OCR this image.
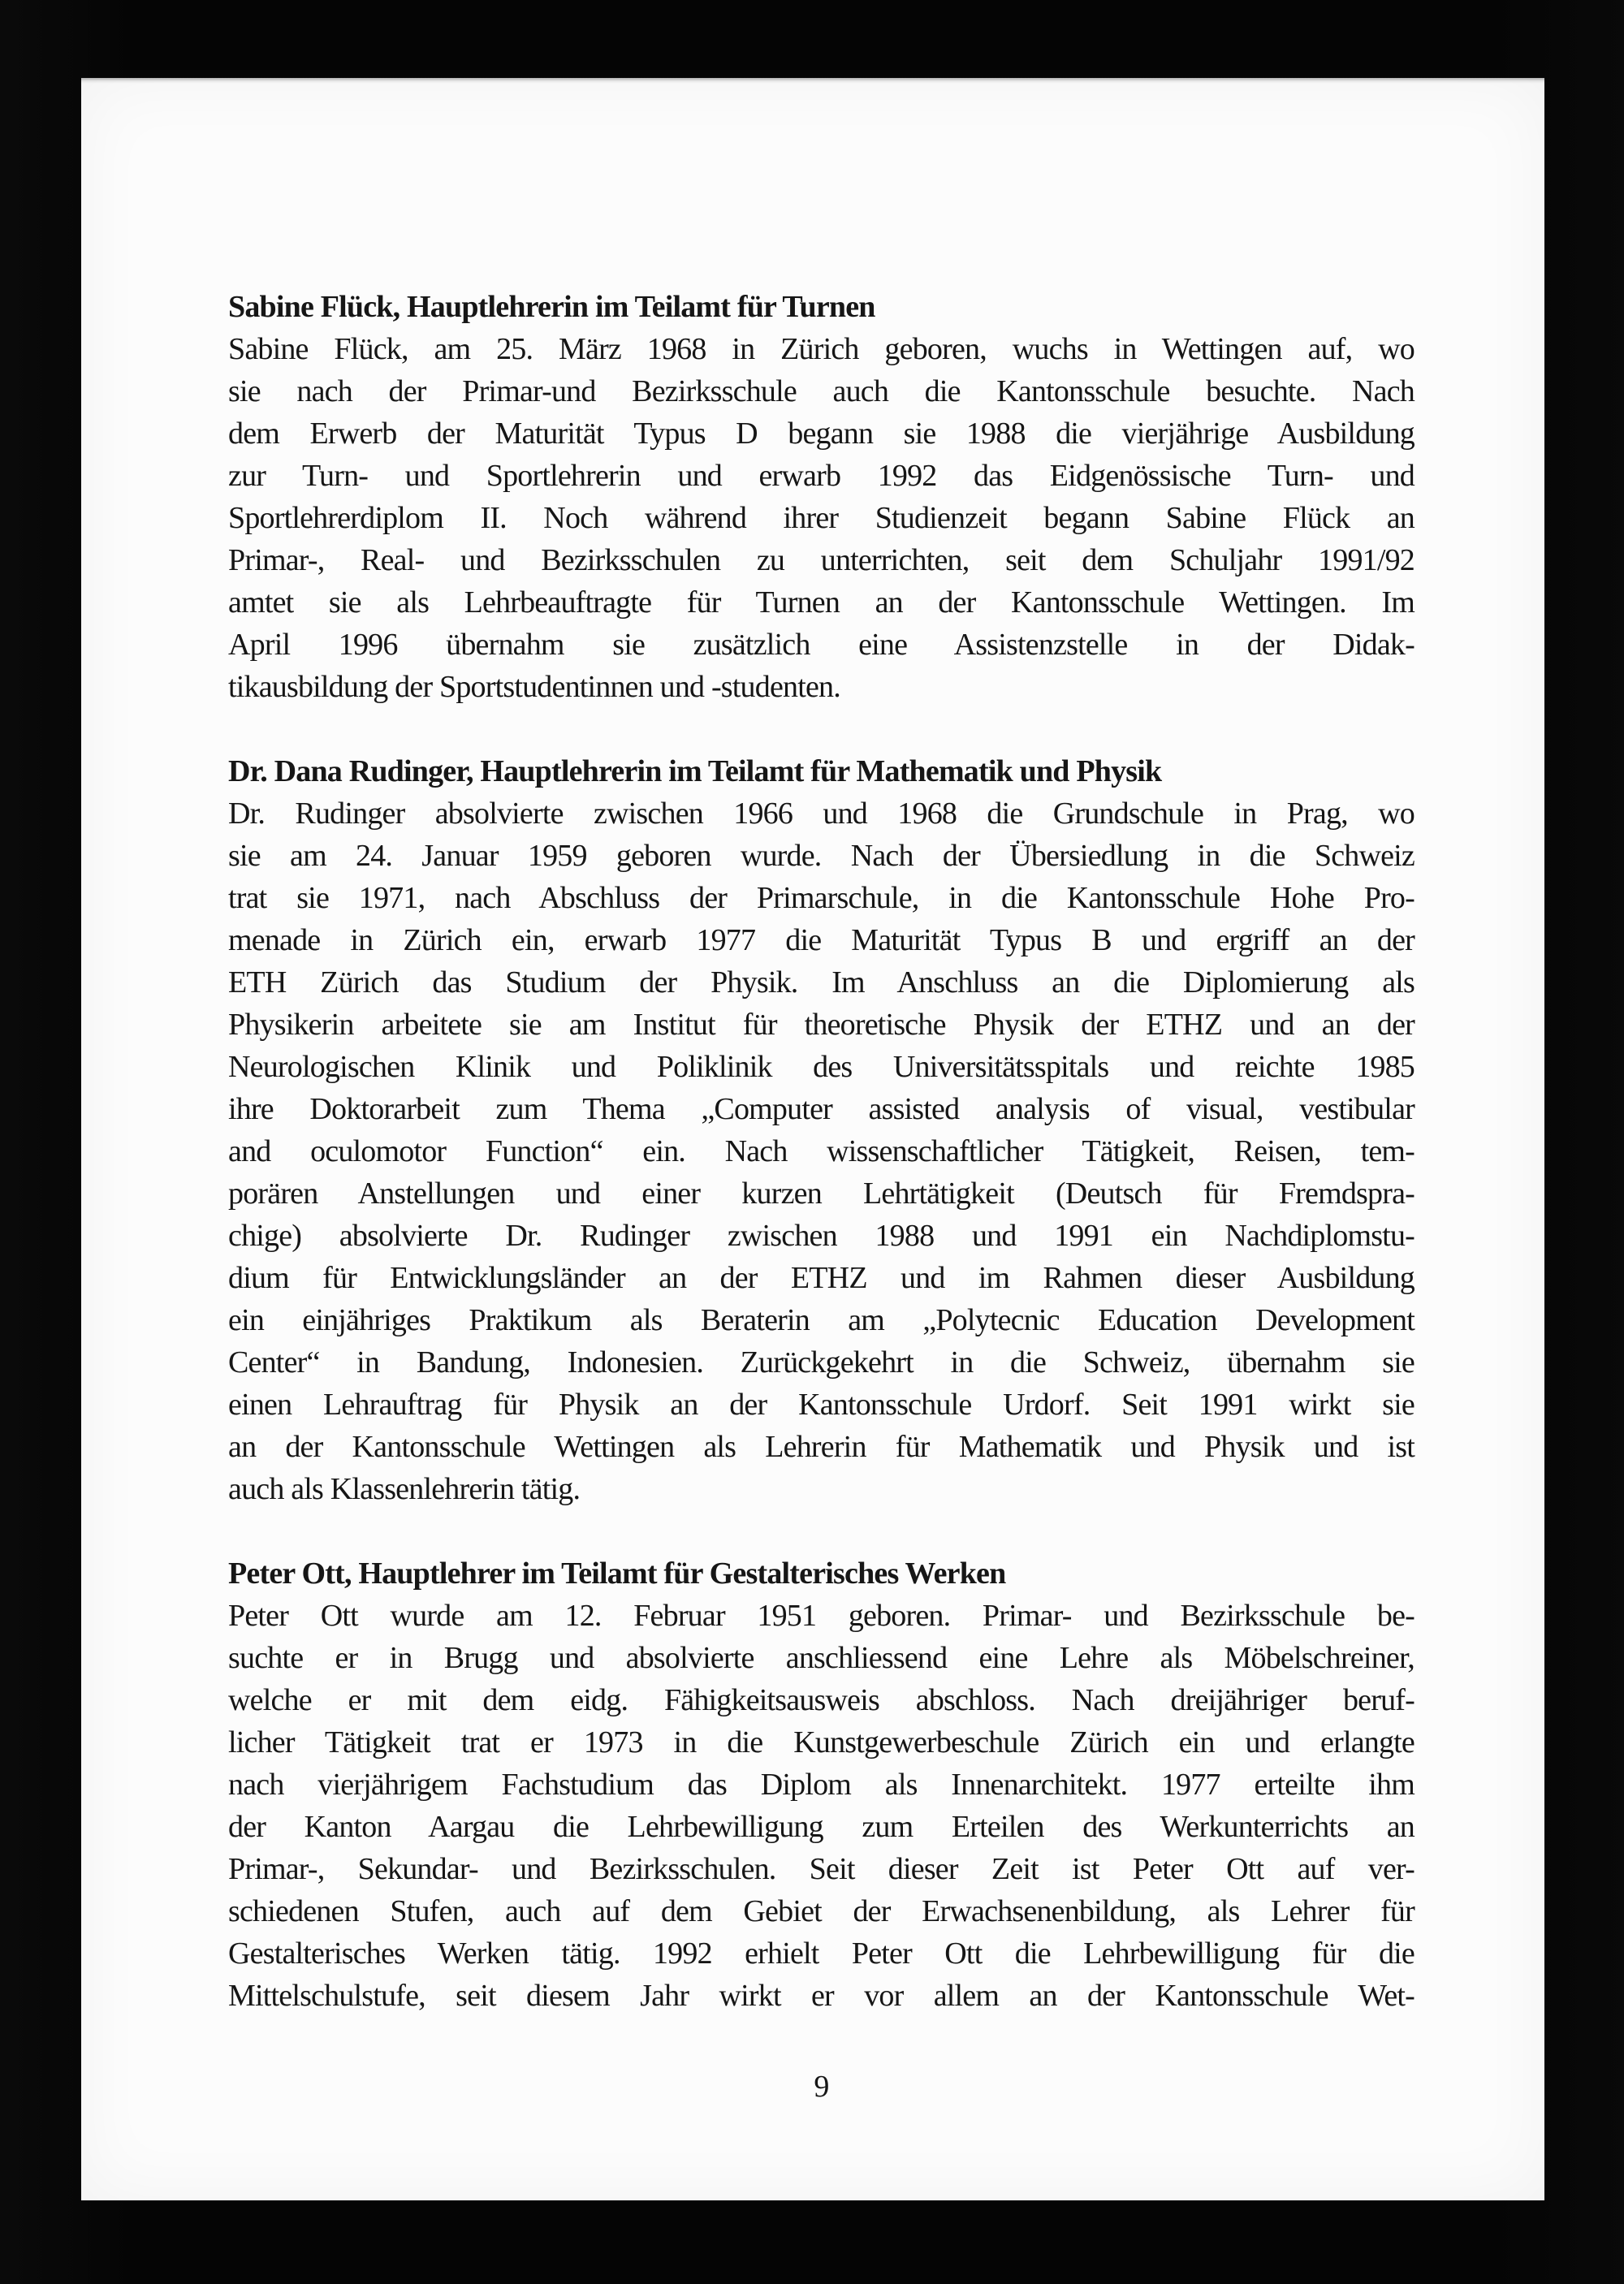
Sabine Flück, Hauptlehrerin im Teilamt für Turnen
Sabine Flück, am 25. März 1968 in Zürich geboren, wuchs in Wettingen auf, wo
sie nach der Primar-und Bezirksschule auch die Kantonsschule besuchte. Nach
dem Erwerb der Maturität Typus D begann sie 1988 die vierjährige Ausbildung
zur Turn- und Sportlehrerin und erwarb 1992 das Eidgenössische Turn- und
Sportlehrerdiplom II. Noch während ihrer Studienzeit begann Sabine Flück an
Primar-, Real- und Bezirksschulen zu unterrichten, seit dem Schuljahr 1991/92
amtet sie als Lehrbeauftragte für Turnen an der Kantonsschule Wettingen. Im
April 1996 übernahm sie zusätzlich eine Assistenzstelle in der Didak-
tikausbildung der Sportstudentinnen und -studenten.
Dr. Dana Rudinger, Hauptlehrerin im Teilamt für Mathematik und Physik
Dr. Rudinger absolvierte zwischen 1966 und 1968 die Grundschule in Prag, wo
sie am 24. Januar 1959 geboren wurde. Nach der Übersiedlung in die Schweiz
trat sie 1971, nach Abschluss der Primarschule, in die Kantonsschule Hohe Pro-
menade in Zürich ein, erwarb 1977 die Maturität Typus B und ergriff an der
ETH Zürich das Studium der Physik. Im Anschluss an die Diplomierung als
Physikerin arbeitete sie am Institut für theoretische Physik der ETHZ und an der
Neurologischen Klinik und Poliklinik des Universitätsspitals und reichte 1985
ihre Doktorarbeit zum Thema „Computer assisted analysis of visual, vestibular
and oculomotor Function“ ein. Nach wissenschaftlicher Tätigkeit, Reisen, tem-
porären Anstellungen und einer kurzen Lehrtätigkeit (Deutsch für Fremdspra-
chige) absolvierte Dr. Rudinger zwischen 1988 und 1991 ein Nachdiplomstu-
dium für Entwicklungsländer an der ETHZ und im Rahmen dieser Ausbildung
ein einjähriges Praktikum als Beraterin am „Polytecnic Education Development
Center“ in Bandung, Indonesien. Zurückgekehrt in die Schweiz, übernahm sie
einen Lehrauftrag für Physik an der Kantonsschule Urdorf. Seit 1991 wirkt sie
an der Kantonsschule Wettingen als Lehrerin für Mathematik und Physik und ist
auch als Klassenlehrerin tätig.
Peter Ott, Hauptlehrer im Teilamt für Gestalterisches Werken
Peter Ott wurde am 12. Februar 1951 geboren. Primar- und Bezirksschule be-
suchte er in Brugg und absolvierte anschliessend eine Lehre als Möbelschreiner,
welche er mit dem eidg. Fähigkeitsausweis abschloss. Nach dreijähriger beruf-
licher Tätigkeit trat er 1973 in die Kunstgewerbeschule Zürich ein und erlangte
nach vierjährigem Fachstudium das Diplom als Innenarchitekt. 1977 erteilte ihm
der Kanton Aargau die Lehrbewilligung zum Erteilen des Werkunterrichts an
Primar-, Sekundar- und Bezirksschulen. Seit dieser Zeit ist Peter Ott auf ver-
schiedenen Stufen, auch auf dem Gebiet der Erwachsenenbildung, als Lehrer für
Gestalterisches Werken tätig. 1992 erhielt Peter Ott die Lehrbewilligung für die
Mittelschulstufe, seit diesem Jahr wirkt er vor allem an der Kantonsschule Wet-
9
